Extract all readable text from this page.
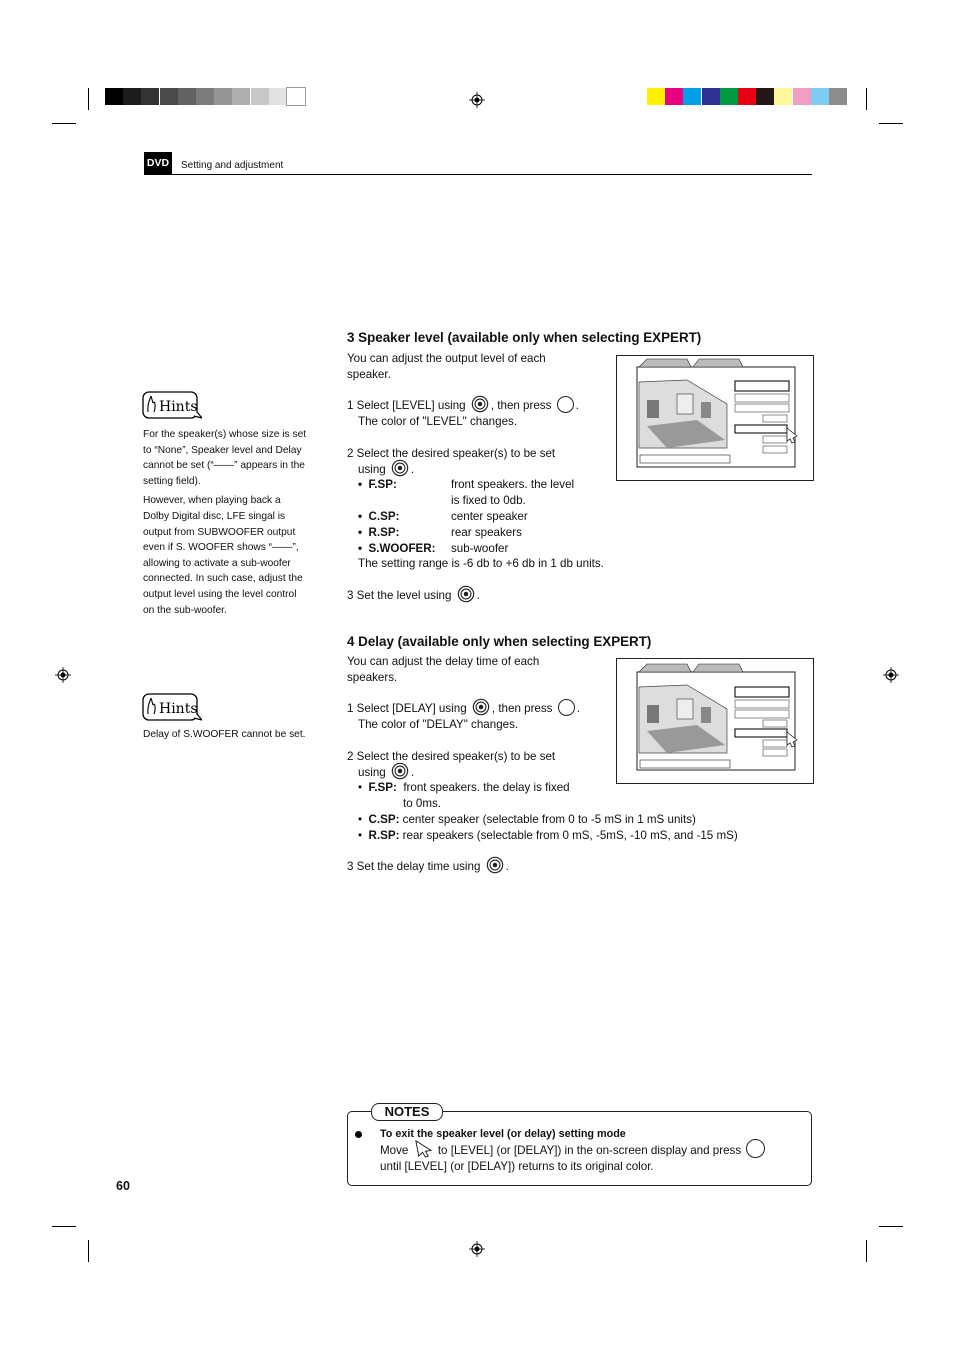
DVD Setting and adjustment
Hints
For the speaker(s) whose size is set
to “None”, Speaker level and Delay
cannot be set (“——” appears in the
setting field).
However, when playing back a
Dolby Digital disc, LFE singal is
output from SUBWOOFER output
even if S. WOOFER shows “——”,
allowing to activate a sub-woofer
connected. In such case, adjust the
output level using the level control
on the sub-woofer.
Hints
Delay of S.WOOFER cannot be set.
3 Speaker level (available only when selecting EXPERT)
You can adjust the output level of each
speaker.
1 Select [LEVEL] using , then press .
The color of "LEVEL" changes.
2 Select the desired speaker(s) to be set
using .
•  F.SP:	front speakers. the level
is fixed to 0db.
•  C.SP:	center speaker
•  R.SP:	rear speakers
•  S.WOOFER: sub-woofer
The setting range is -6 db to +6 db in 1 db units.
3 Set the level using .
4 Delay (available only when selecting EXPERT)
You can adjust the delay time of each
speakers.
1 Select [DELAY] using , then press .
The color of "DELAY" changes.
2 Select the desired speaker(s) to be set
using .
•  F.SP: front speakers. the delay is fixed
to 0ms.
•  C.SP: center speaker (selectable from 0 to -5 mS in 1 mS units)
•  R.SP: rear speakers (selectable from 0 mS, -5mS, -10 mS, and -15 mS)
3 Set the delay time using .
NOTES
To exit the speaker level (or delay) setting mode
Move	to [LEVEL] (or [DELAY]) in the on-screen display and press
until [LEVEL] (or [DELAY]) returns to its original color.
60
